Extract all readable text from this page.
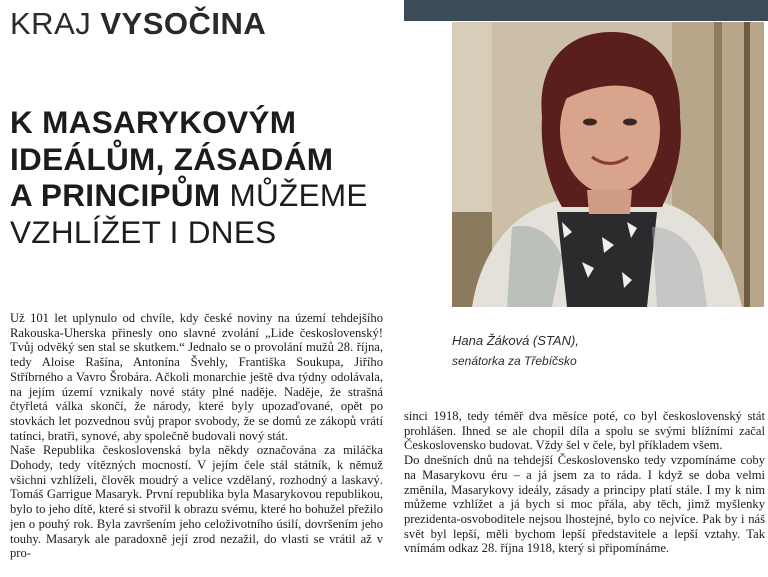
KRAJ VYSOČINA
K MASARYKOVÝM
IDEÁLŮM, ZÁSADÁM
A PRINCIPŮM MŮŽEME
VZHLÍŽET I DNES
Hana Žáková (STAN),
senátorka za Třebíčsko

Už 101 let uplynulo od chvíle, kdy české noviny na území tehdejšího Rakouska-Uherska přinesly ono slavné zvolání „Lide československý! Tvůj odvěký sen stal se skutkem.“ Jednalo se o provolání mužů 28. října, tedy Aloise Rašína, Antonína Švehly, Františka Soukupa, Jiřího Stříbrného a Vavro Šrobára. Ačkoli monarchie ještě dva týdny odolávala, na jejím území vznikaly nové státy plné naděje. Naděje, že strašná čtyřletá válka skončí, že národy, které byly upozaďované, opět po stovkách let pozvednou svůj prapor svobody, že se domů ze zákopů vrátí tatínci, bratři, synové, aby společně budovali nový stát.

Naše Republika československá byla někdy označována za miláčka Dohody, tedy vítězných mocností. V jejím čele stál státník, k němuž všichni vzhlíželi, člověk moudrý a velice vzdělaný, rozhodný a laskavý. Tomáš Garrigue Masaryk. První republika byla Masarykovou republikou, bylo to jeho dítě, které si stvořil k obrazu svému, které ho bohužel přežilo jen o pouhý rok. Byla završením jeho celoživotního úsilí, dovršením jeho touhy. Masaryk ale paradoxně její zrod nezažil, do vlasti se vrátil až v pro-

sinci 1918, tedy téměř dva měsíce poté, co byl československý stát prohlášen. Ihned se ale chopil díla a spolu se svými blížními začal Československo budovat. Vždy šel v čele, byl příkladem všem.

Do dnešních dnů na tehdejší Československo tedy vzpomínáme coby na Masarykovu éru – a já jsem za to ráda. I když se doba velmi změnila, Masarykovy ideály, zásady a principy platí stále. I my k nim můžeme vzhlížet a já bych si moc přála, aby těch, jimž myšlenky prezidenta-osvoboditele nejsou lhostejné, bylo co nejvíce. Pak by i náš svět byl lepší, měli bychom lepší představitele a lepší vztahy. Tak vnímám odkaz 28. října 1918, který si připomínáme.
